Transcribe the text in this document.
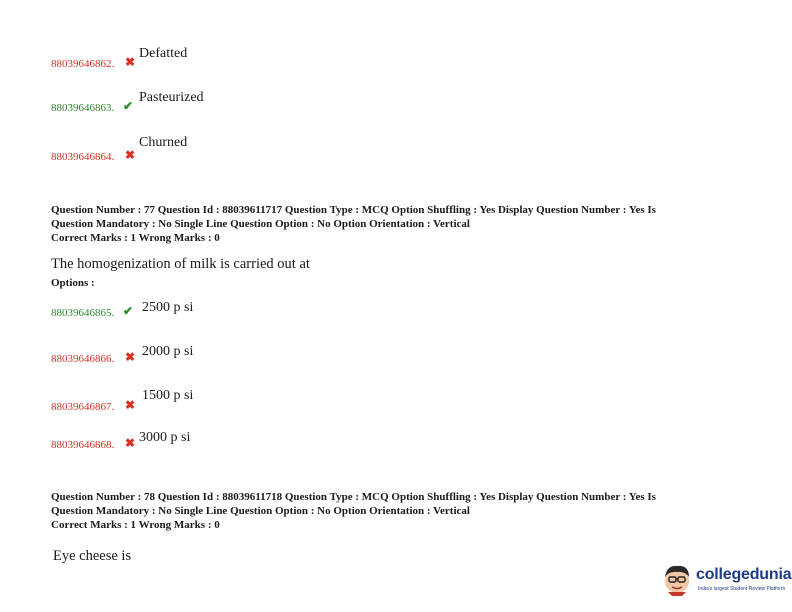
88039646862. ✖
Defatted
88039646863. ✔
Pasteurized
88039646864. ✖
Churned
Question Number : 77 Question Id : 88039611717 Question Type : MCQ Option Shuffling : Yes Display Question Number : Yes Is
Question Mandatory : No Single Line Question Option : No Option Orientation : Vertical
Correct Marks : 1 Wrong Marks : 0
The homogenization of milk is carried out at
Options :
88039646865. ✔ 2500 p si
88039646866. ✖ 2000 p si
88039646867. ✖
1500 p si
88039646868. ✖ 3000 p si
Question Number : 78 Question Id : 88039611718 Question Type : MCQ Option Shuffling : Yes Display Question Number : Yes Is
Question Mandatory : No Single Line Question Option : No Option Orientation : Vertical
Correct Marks : 1 Wrong Marks : 0
Eye cheese is
collegedunia
India's largest Student Review Platform
